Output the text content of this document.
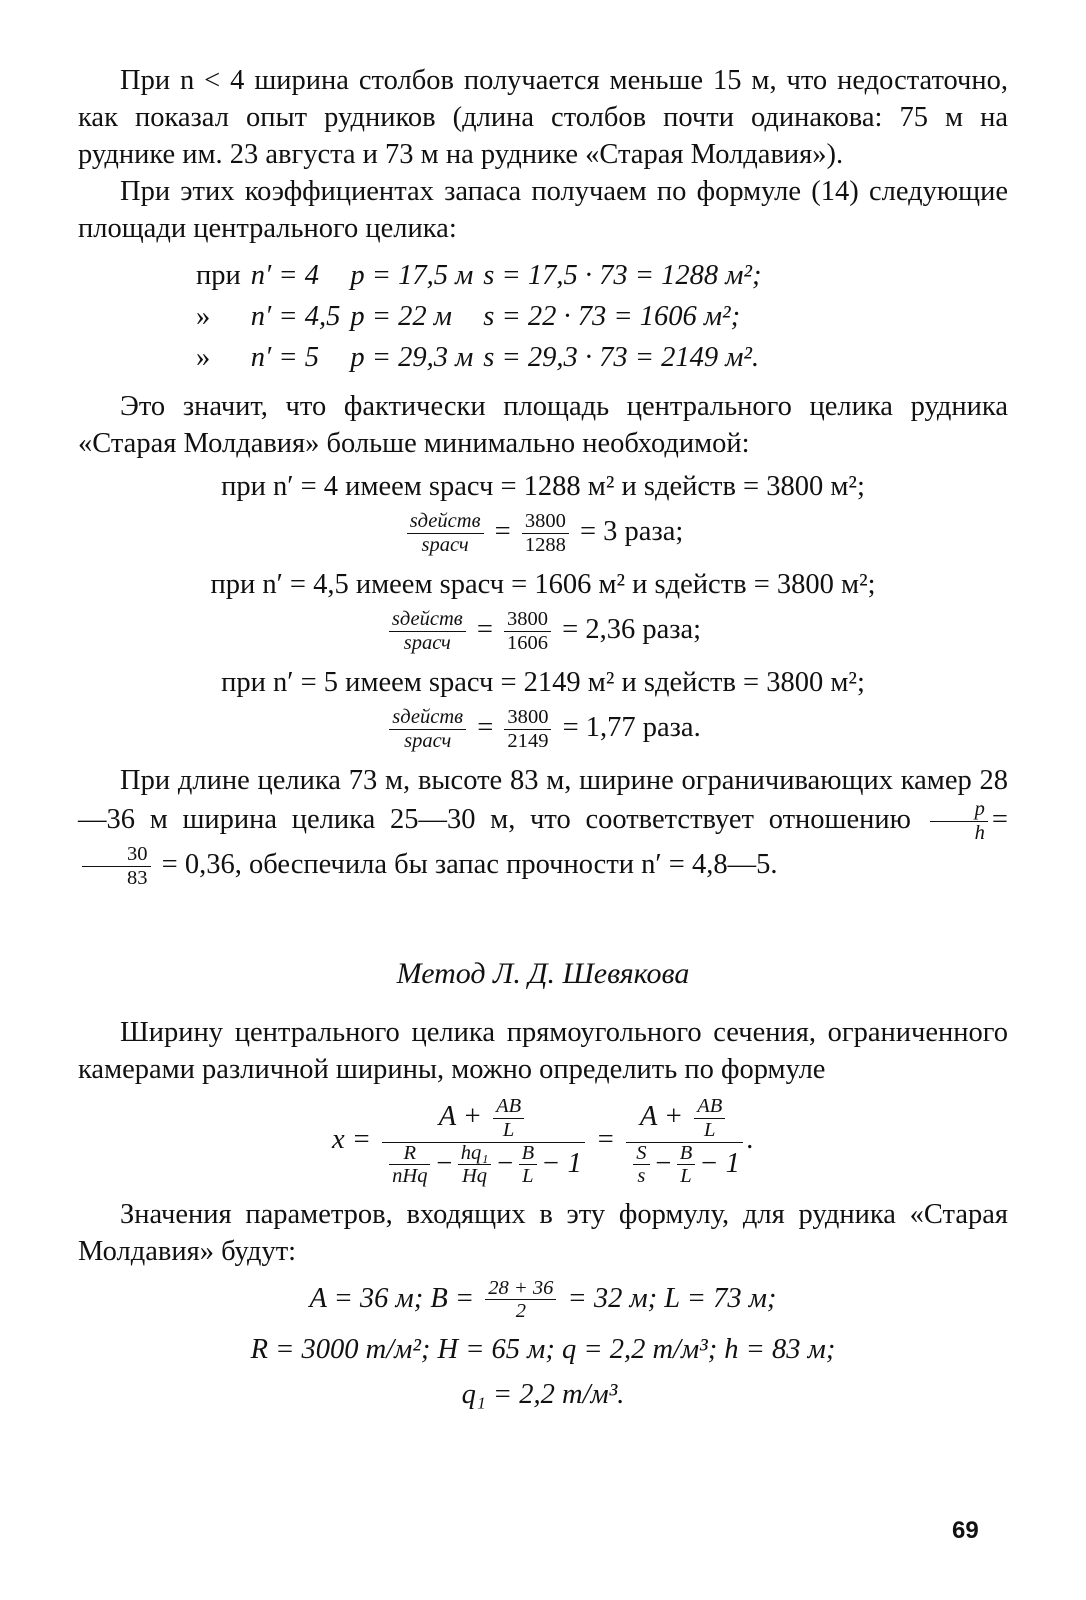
При n < 4 ширина столбов получается меньше 15 м, что недостаточно, как показал опыт рудников (длина столбов почти одинакова: 75 м на руднике им. 23 августа и 73 м на руднике «Старая Молдавия»).

При этих коэффициентах запаса получаем по формуле (14) следующие площади центрального целика:

при	n′ = 4	p = 17,5 м	s = 17,5 · 73 = 1288 м²;
»	n′ = 4,5	p = 22 м	s = 22 · 73 = 1606 м²;
»	n′ = 5	p = 29,3 м	s = 29,3 · 73 = 2149 м².

Это значит, что фактически площадь центрального целика рудника «Старая Молдавия» больше минимально необходимой:

при n′ = 4 имеем sрасч = 1288 м² и sдейств = 3800 м²;
$\frac{\text{sдейств}}{\text{sрасч}} = \frac{3800}{1288} = 3$ раза;
при n′ = 4,5 имеем sрасч = 1606 м² и sдейств = 3800 м²;
$\frac{\text{sдейств}}{\text{sрасч}} = \frac{3800}{1606} = 2,36$ раза;
при n′ = 5 имеем sрасч = 2149 м² и sдейств = 3800 м²;
$\frac{\text{sдейств}}{\text{sрасч}} = \frac{3800}{2149} = 1,77$ раза.

При длине целика 73 м, высоте 83 м, ширине ограничивающих камер 28—36 м ширина целика 25—30 м, что соответствует отношению $\frac{p}{h}$ =
$\frac{30}{83} = 0,36$, обеспечила бы запас прочности n′ = 4,8—5.

Метод Л. Д. Шевякова

Ширину центрального целика прямоугольного сечения, ограниченного камерами различной ширины, можно определить по формуле

$x = \frac{A + \frac{AB}{L}}{\frac{R}{\text{nHq}} - \frac{\text{hq₁}}{Hq} - \frac{B}{L} - 1} = \frac{A + \frac{AB}{L}}{\frac{S}{s} - \frac{B}{L} - 1}$ .

Значения параметров, входящих в эту формулу, для рудника «Старая Молдавия» будут:

A = 36 м; $B = \frac{28 + 36}{2} = 32$ м; L = 73 м;
R = 3000 т/м²; H = 65 м; q = 2,2 т/м³; h = 83 м;
q₁ = 2,2 т/м³.
69
